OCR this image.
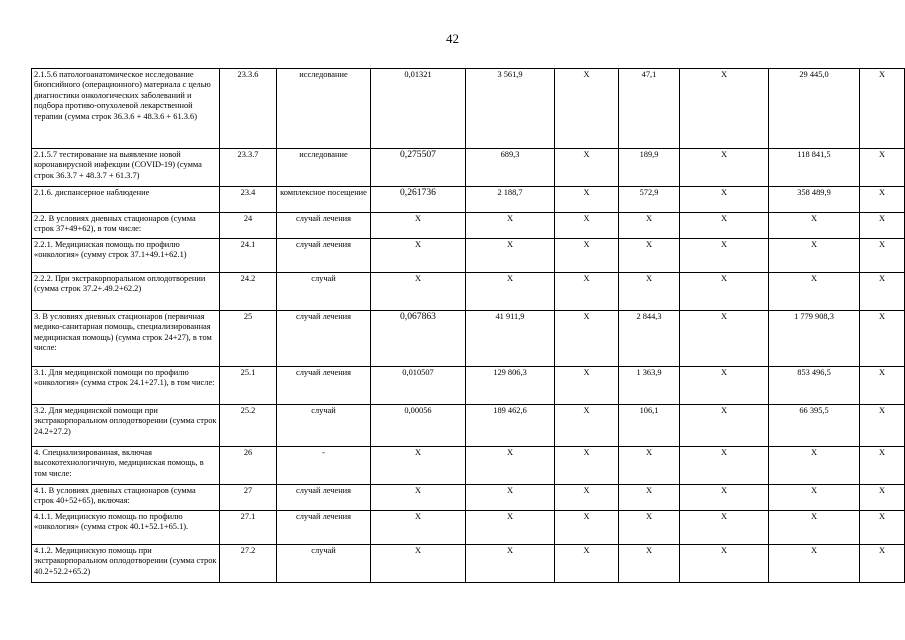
42
2.1.5.6 патологоанатомическое исследование биопсийного (операционного) материала с целью диагностики онкологических заболеваний и подбора противо-опухолевой лекарственной терапии (сумма строк 36.3.6 + 48.3.6 + 61.3.6)	23.3.6	исследование	0,01321	3 561,9	X	47,1	X	29 445,0	X
2.1.5.7 тестирование на выявление новой коронавирусной инфекции (COVID-19) (сумма строк 36.3.7 + 48.3.7 + 61.3.7)	23.3.7	исследование	0,275507	689,3	X	189,9	X	118 841,5	X
2.1.6. диспансерное наблюдение	23.4	комплексное посещение	0,261736	2 188,7	X	572,9	X	358 489,9	X
2.2. В условиях дневных стационаров (сумма строк 37+49+62), в том числе:	24	случай лечения	X	X	X	X	X	X	X
2.2.1. Медицинская помощь по профилю «онкология» (сумму строк 37.1+49.1+62.1)	24.1	случай лечения	X	X	X	X	X	X	X
2.2.2. При экстракорпоральном оплодотворении (сумма строк 37.2+.49.2+62.2)	24.2	случай	X	X	X	X	X	X	X
3. В условиях дневных стационаров (первичная медико-санитарная помощь, специализированная медицинская помощь) (сумма строк 24+27), в том числе:	25	случай лечения	0,067863	41 911,9	X	2 844,3	X	1 779 908,3	X
3.1. Для медицинской помощи по профилю «онкология» (сумма строк 24.1+27.1), в том числе:	25.1	случай лечения	0,010507	129 806,3	X	1 363,9	X	853 496,5	X
3.2. Для медицинской помощи при экстракорпоральном оплодотворении (сумма строк 24.2+27.2)	25.2	случай	0,00056	189 462,6	X	106,1	X	66 395,5	X
4. Специализированная, включая высокотехнологичную, медицинская помощь, в том числе:	26	-	X	X	X	X	X	X	X
4.1. В условиях дневных стационаров (сумма строк 40+52+65), включая:	27	случай лечения	X	X	X	X	X	X	X
4.1.1. Медицинскую помощь по профилю «онкология» (сумма строк 40.1+52.1+65.1).	27.1	случай лечения	X	X	X	X	X	X	X
4.1.2. Медицинскую помощь при экстракорпоральном оплодотворении (сумма строк 40.2+52.2+65.2)	27.2	случай	X	X	X	X	X	X	X
